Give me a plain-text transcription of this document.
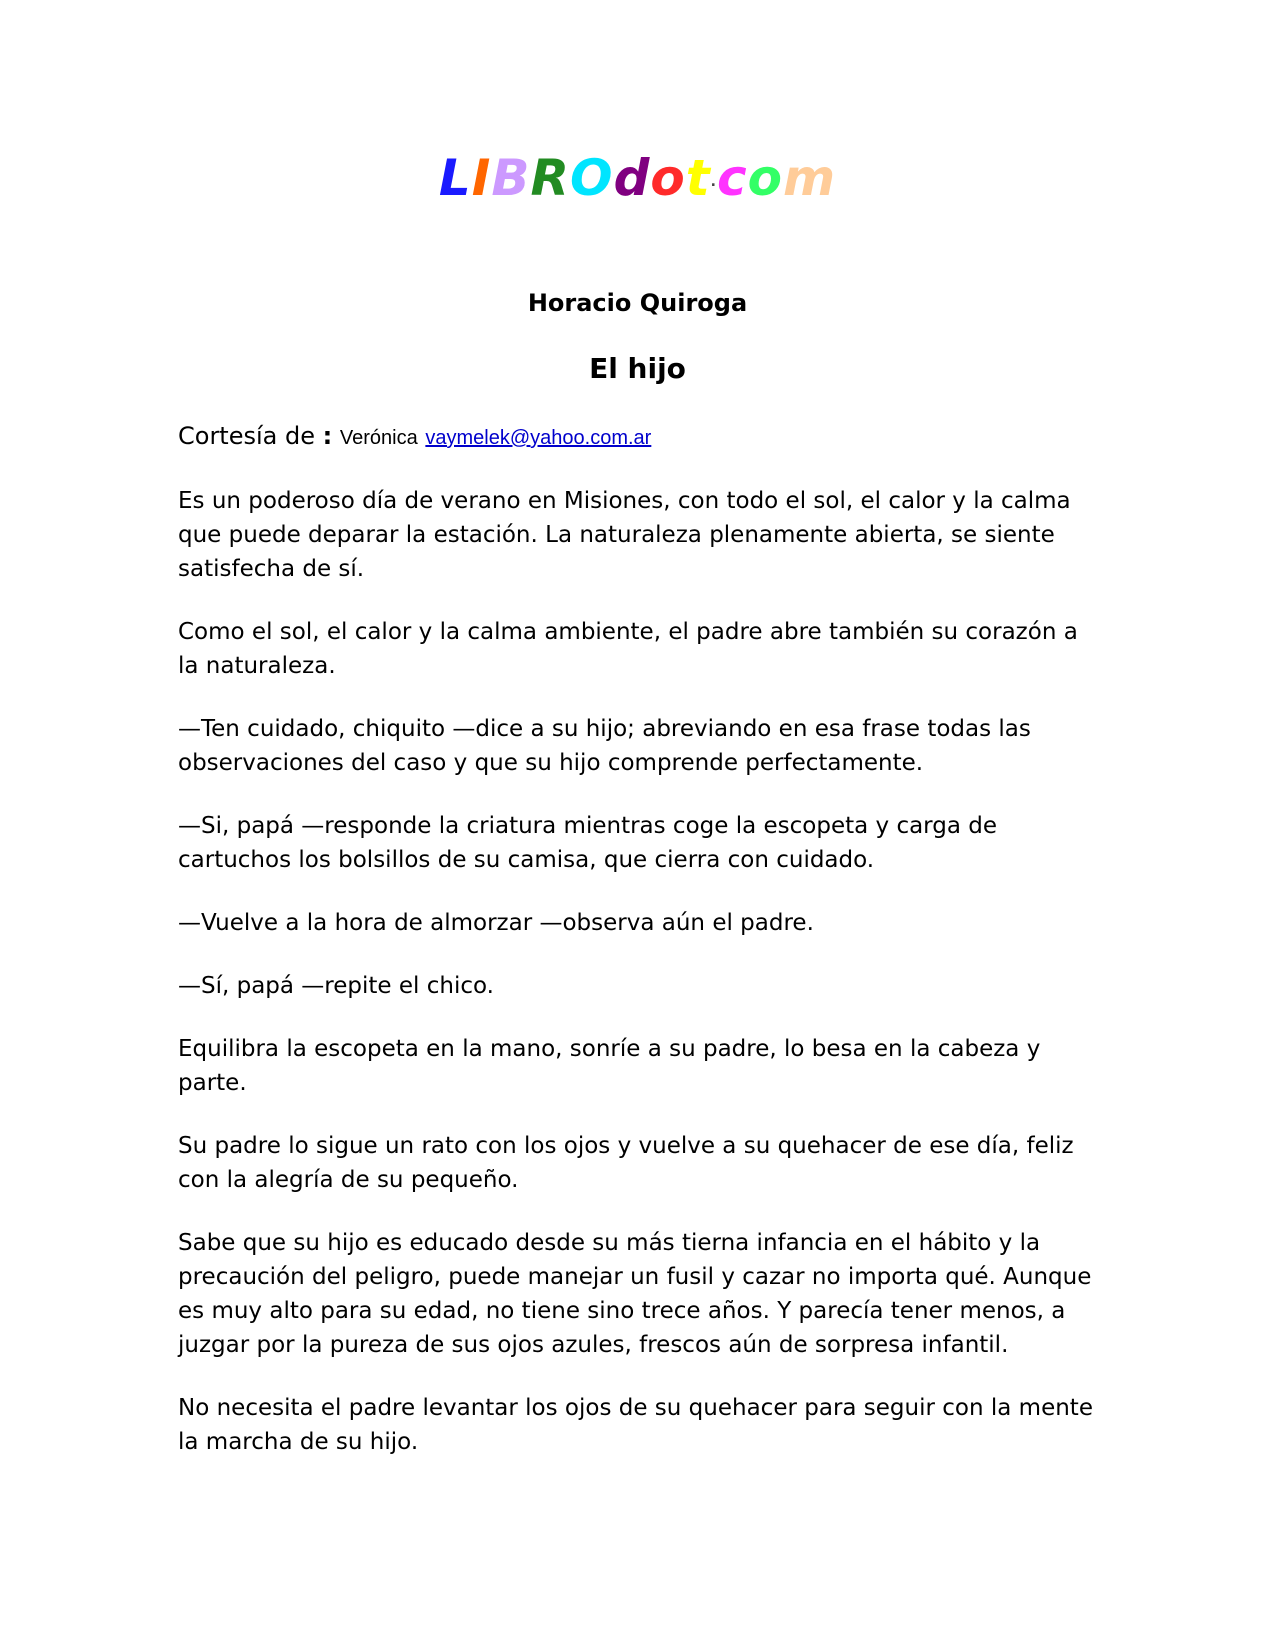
LIBROdot.com
Horacio Quiroga
El hijo
Cortesía de : Verónica vaymelek@yahoo.com.ar

Es un poderoso día de verano en Misiones, con todo el sol, el calor y la calma que puede deparar la estación. La naturaleza plenamente abierta, se siente satisfecha de sí.

Como el sol, el calor y la calma ambiente, el padre abre también su corazón a la naturaleza.

—Ten cuidado, chiquito —dice a su hijo; abreviando en esa frase todas las observaciones del caso y que su hijo comprende perfectamente.

—Si, papá —responde la criatura mientras coge la escopeta y carga de cartuchos los bolsillos de su camisa, que cierra con cuidado.

—Vuelve a la hora de almorzar —observa aún el padre.

—Sí, papá —repite el chico.

Equilibra la escopeta en la mano, sonríe a su padre, lo besa en la cabeza y parte.

Su padre lo sigue un rato con los ojos y vuelve a su quehacer de ese día, feliz con la alegría de su pequeño.

Sabe que su hijo es educado desde su más tierna infancia en el hábito y la precaución del peligro, puede manejar un fusil y cazar no importa qué. Aunque es muy alto para su edad, no tiene sino trece años. Y parecía tener menos, a juzgar por la pureza de sus ojos azules, frescos aún de sorpresa infantil.

No necesita el padre levantar los ojos de su quehacer para seguir con la mente la marcha de su hijo.
